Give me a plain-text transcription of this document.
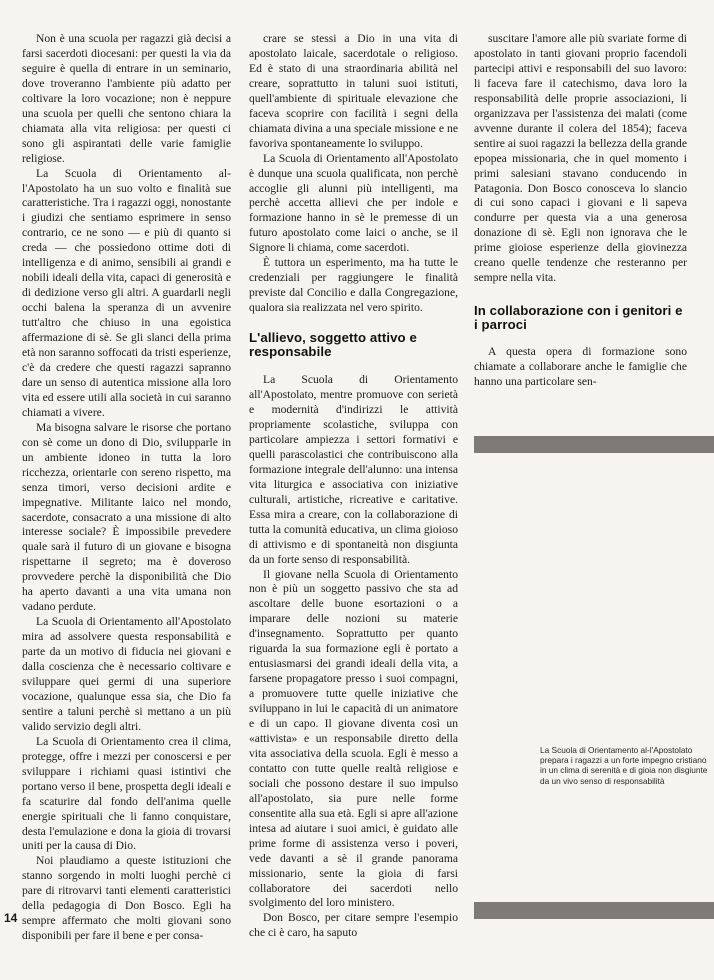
Non è una scuola per ragazzi già decisi a farsi sacerdoti diocesani: per questi la via da seguire è quella di entrare in un seminario, dove troveranno l'ambiente più adatto per coltivare la loro vocazione; non è neppure una scuola per quelli che sentono chiara la chiamata alla vita religiosa: per questi ci sono gli aspirantati delle varie famiglie religiose.

La Scuola di Orientamento al-l'Apostolato ha un suo volto e finalità sue caratteristiche. Tra i ragazzi oggi, nonostante i giudizi che sentiamo esprimere in senso contrario, ce ne sono — e più di quanto si creda — che possiedono ottime doti di intelligenza e di animo, sensibili ai grandi e nobili ideali della vita, capaci di generosità e di dedizione verso gli altri. A guardarli negli occhi balena la speranza di un avvenire tutt'altro che chiuso in una egoistica affermazione di sè. Se gli slanci della prima età non saranno soffocati da tristi esperienze, c'è da credere che questi ragazzi sapranno dare un senso di autentica missione alla loro vita ed essere utili alla società in cui saranno chiamati a vivere.

Ma bisogna salvare le risorse che portano con sè come un dono di Dio, svilupparle in un ambiente idoneo in tutta la loro ricchezza, orientarle con sereno rispetto, ma senza timori, verso decisioni ardite e impegnative. Militante laico nel mondo, sacerdote, consacrato a una missione di alto interesse sociale? È impossibile prevedere quale sarà il futuro di un giovane e bisogna rispettarne il segreto; ma è doveroso provvedere perchè la disponibilità che Dio ha aperto davanti a una vita umana non vadano perdute.

La Scuola di Orientamento all'Apostolato mira ad assolvere questa responsabilità e parte da un motivo di fiducia nei giovani e dalla coscienza che è necessario coltivare e sviluppare quei germi di una superiore vocazione, qualunque essa sia, che Dio fa sentire a taluni perchè si mettano a un più valido servizio degli altri.

La Scuola di Orientamento crea il clima, protegge, offre i mezzi per conoscersi e per sviluppare i richiami quasi istintivi che portano verso il bene, prospetta degli ideali e fa scaturire dal fondo dell'anima quelle energie spirituali che li fanno conquistare, desta l'emulazione e dona la gioia di trovarsi uniti per la causa di Dio.

Noi plaudiamo a queste istituzioni che stanno sorgendo in molti luoghi perchè ci pare di ritrovarvi tanti elementi caratteristici della pedagogia di Don Bosco. Egli ha sempre affermato che molti giovani sono disponibili per fare il bene e per consa-

crare se stessi a Dio in una vita di apostolato laicale, sacerdotale o religioso. Ed è stato di una straordinaria abilità nel creare, soprattutto in taluni suoi istituti, quell'ambiente di spirituale elevazione che faceva scoprire con facilità i segni della chiamata divina a una speciale missione e ne favoriva spontaneamente lo sviluppo.

La Scuola di Orientamento all'Apostolato è dunque una scuola qualificata, non perchè accoglie gli alunni più intelligenti, ma perchè accetta allievi che per indole e formazione hanno in sè le premesse di un futuro apostolato come laici o anche, se il Signore li chiama, come sacerdoti.

È tuttora un esperimento, ma ha tutte le credenziali per raggiungere le finalità previste dal Concilio e dalla Congregazione, qualora sia realizzata nel vero spirito.

L'allievo, soggetto attivo e responsabile

La Scuola di Orientamento all'Apostolato, mentre promuove con serietà e modernità d'indirizzi le attività propriamente scolastiche, sviluppa con particolare ampiezza i settori formativi e quelli parascolastici che contribuiscono alla formazione integrale dell'alunno: una intensa vita liturgica e associativa con iniziative culturali, artistiche, ricreative e caritative. Essa mira a creare, con la collaborazione di tutta la comunità educativa, un clima gioioso di attivismo e di spontaneità non disgiunta da un forte senso di responsabilità.

Il giovane nella Scuola di Orientamento non è più un soggetto passivo che sta ad ascoltare delle buone esortazioni o a imparare delle nozioni su materie d'insegnamento. Soprattutto per quanto riguarda la sua formazione egli è portato a entusiasmarsi dei grandi ideali della vita, a farsene propagatore presso i suoi compagni, a promuovere tutte quelle iniziative che sviluppano in lui le capacità di un animatore e di un capo. Il giovane diventa così un «attivista» e un responsabile diretto della vita associativa della scuola. Egli è messo a contatto con tutte quelle realtà religiose e sociali che possono destare il suo impulso all'apostolato, sia pure nelle forme consentite alla sua età. Egli si apre all'azione intesa ad aiutare i suoi amici, è guidato alle prime forme di assistenza verso i poveri, vede davanti a sè il grande panorama missionario, sente la gioia di farsi collaboratore dei sacerdoti nello svolgimento del loro ministero.

Don Bosco, per citare sempre l'esempio che ci è caro, ha saputo

suscitare l'amore alle più svariate forme di apostolato in tanti giovani proprio facendoli partecipi attivi e responsabili del suo lavoro: li faceva fare il catechismo, dava loro la responsabilità delle proprie associazioni, li organizzava per l'assistenza dei malati (come avvenne durante il colera del 1854); faceva sentire ai suoi ragazzi la bellezza della grande epopea missionaria, che in quel momento i primi salesiani stavano conducendo in Patagonia. Don Bosco conosceva lo slancio di cui sono capaci i giovani e li sapeva condurre per questa via a una generosa donazione di sè. Egli non ignorava che le prime gioiose esperienze della giovinezza creano quelle tendenze che resteranno per sempre nella vita.

In collaborazione con i genitori e i parroci

A questa opera di formazione sono chiamate a collaborare anche le famiglie che hanno una particolare sen-

La Scuola di Orientamento al-l'Apostolato prepara i ragazzi a un forte impegno cristiano in un clima di serenità e di gioia non disgiunte da un vivo senso di responsabilità
14
